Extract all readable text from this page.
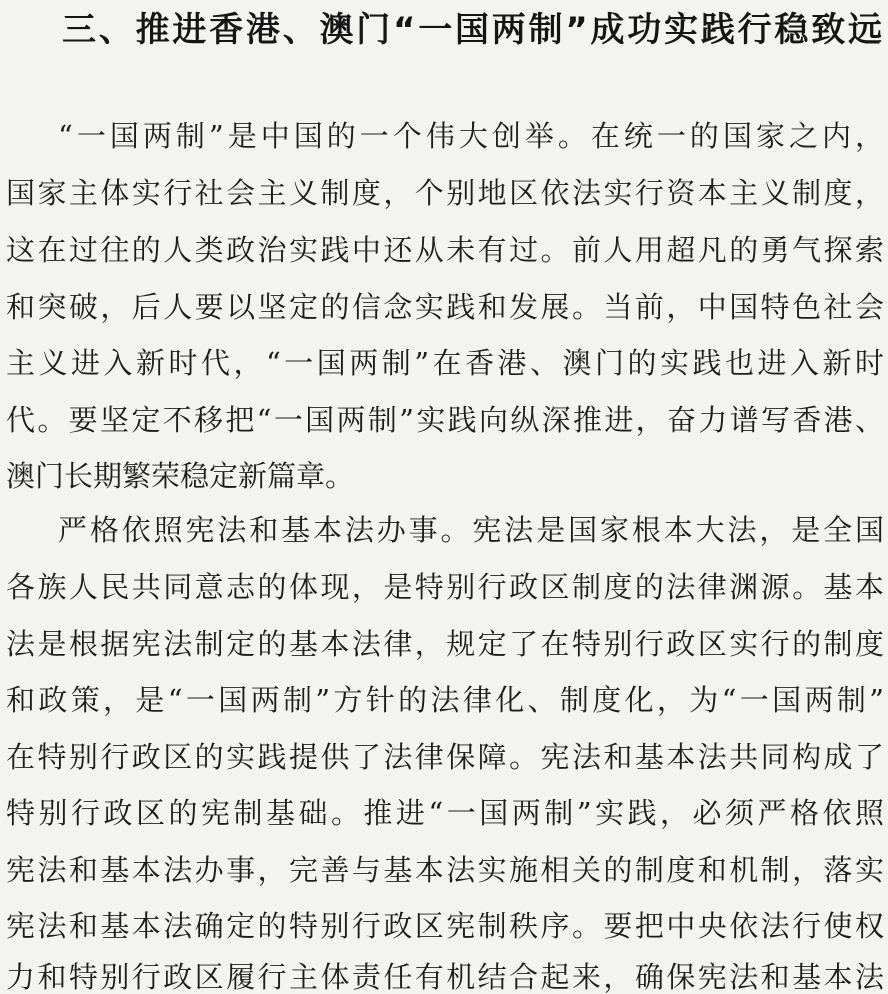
三、推进香港、澳门“一国两制”成功实践行稳致远
“一国两制”是中国的一个伟大创举。在统一的国家之内，
国家主体实行社会主义制度，个别地区依法实行资本主义制度，
这在过往的人类政治实践中还从未有过。前人用超凡的勇气探索
和突破，后人要以坚定的信念实践和发展。当前，中国特色社会
主义进入新时代，“一国两制”在香港、澳门的实践也进入新时
代。要坚定不移把“一国两制”实践向纵深推进，奋力谱写香港、
澳门长期繁荣稳定新篇章。
严格依照宪法和基本法办事。宪法是国家根本大法，是全国
各族人民共同意志的体现，是特别行政区制度的法律渊源。基本
法是根据宪法制定的基本法律，规定了在特别行政区实行的制度
和政策，是“一国两制”方针的法律化、制度化，为“一国两制”
在特别行政区的实践提供了法律保障。宪法和基本法共同构成了
特别行政区的宪制基础。推进“一国两制”实践，必须严格依照
宪法和基本法办事，完善与基本法实施相关的制度和机制，落实
宪法和基本法确定的特别行政区宪制秩序。要把中央依法行使权
力和特别行政区履行主体责任有机结合起来，确保宪法和基本法
